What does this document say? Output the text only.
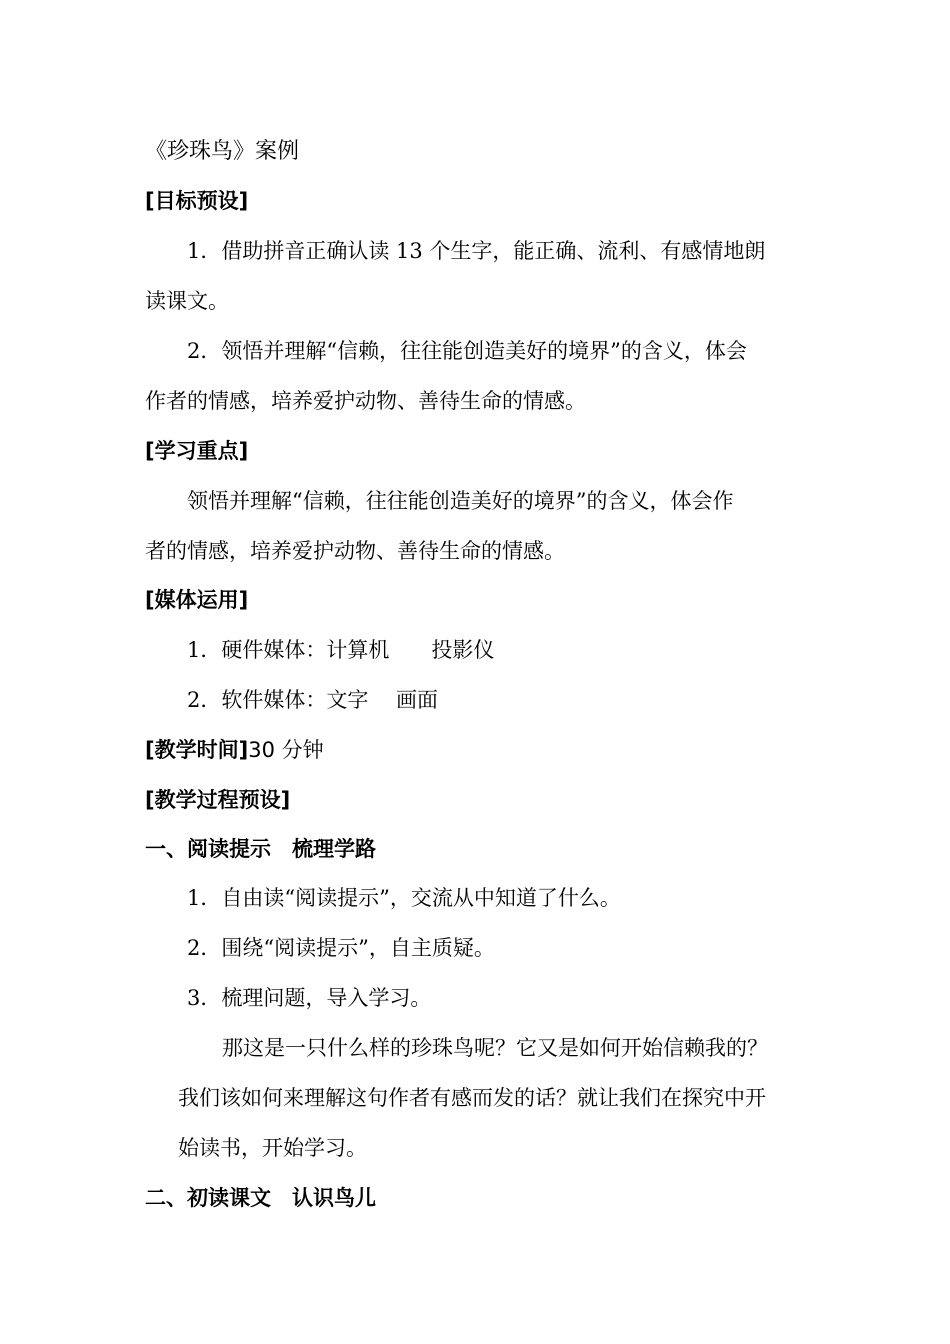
《珍珠鸟》案例
[目标预设]
1．借助拼音正确认读 13 个生字，能正确、流利、有感情地朗
读课文。
2．领悟并理解“信赖，往往能创造美好的境界”的含义，体会
作者的情感，培养爱护动物、善待生命的情感。
[学习重点]
领悟并理解“信赖，往往能创造美好的境界”的含义，体会作
者的情感，培养爱护动物、善待生命的情感。
[媒体运用]
1．硬件媒体：计算机　　投影仪
2．软件媒体：文字　 画面
[教学时间]30 分钟
[教学过程预设]
一、阅读提示　梳理学路
1．自由读“阅读提示”，交流从中知道了什么。
2．围绕“阅读提示”，自主质疑。
3．梳理问题，导入学习。
那这是一只什么样的珍珠鸟呢？它又是如何开始信赖我的？
我们该如何来理解这句作者有感而发的话？就让我们在探究中开
始读书，开始学习。
二、初读课文　认识鸟儿
